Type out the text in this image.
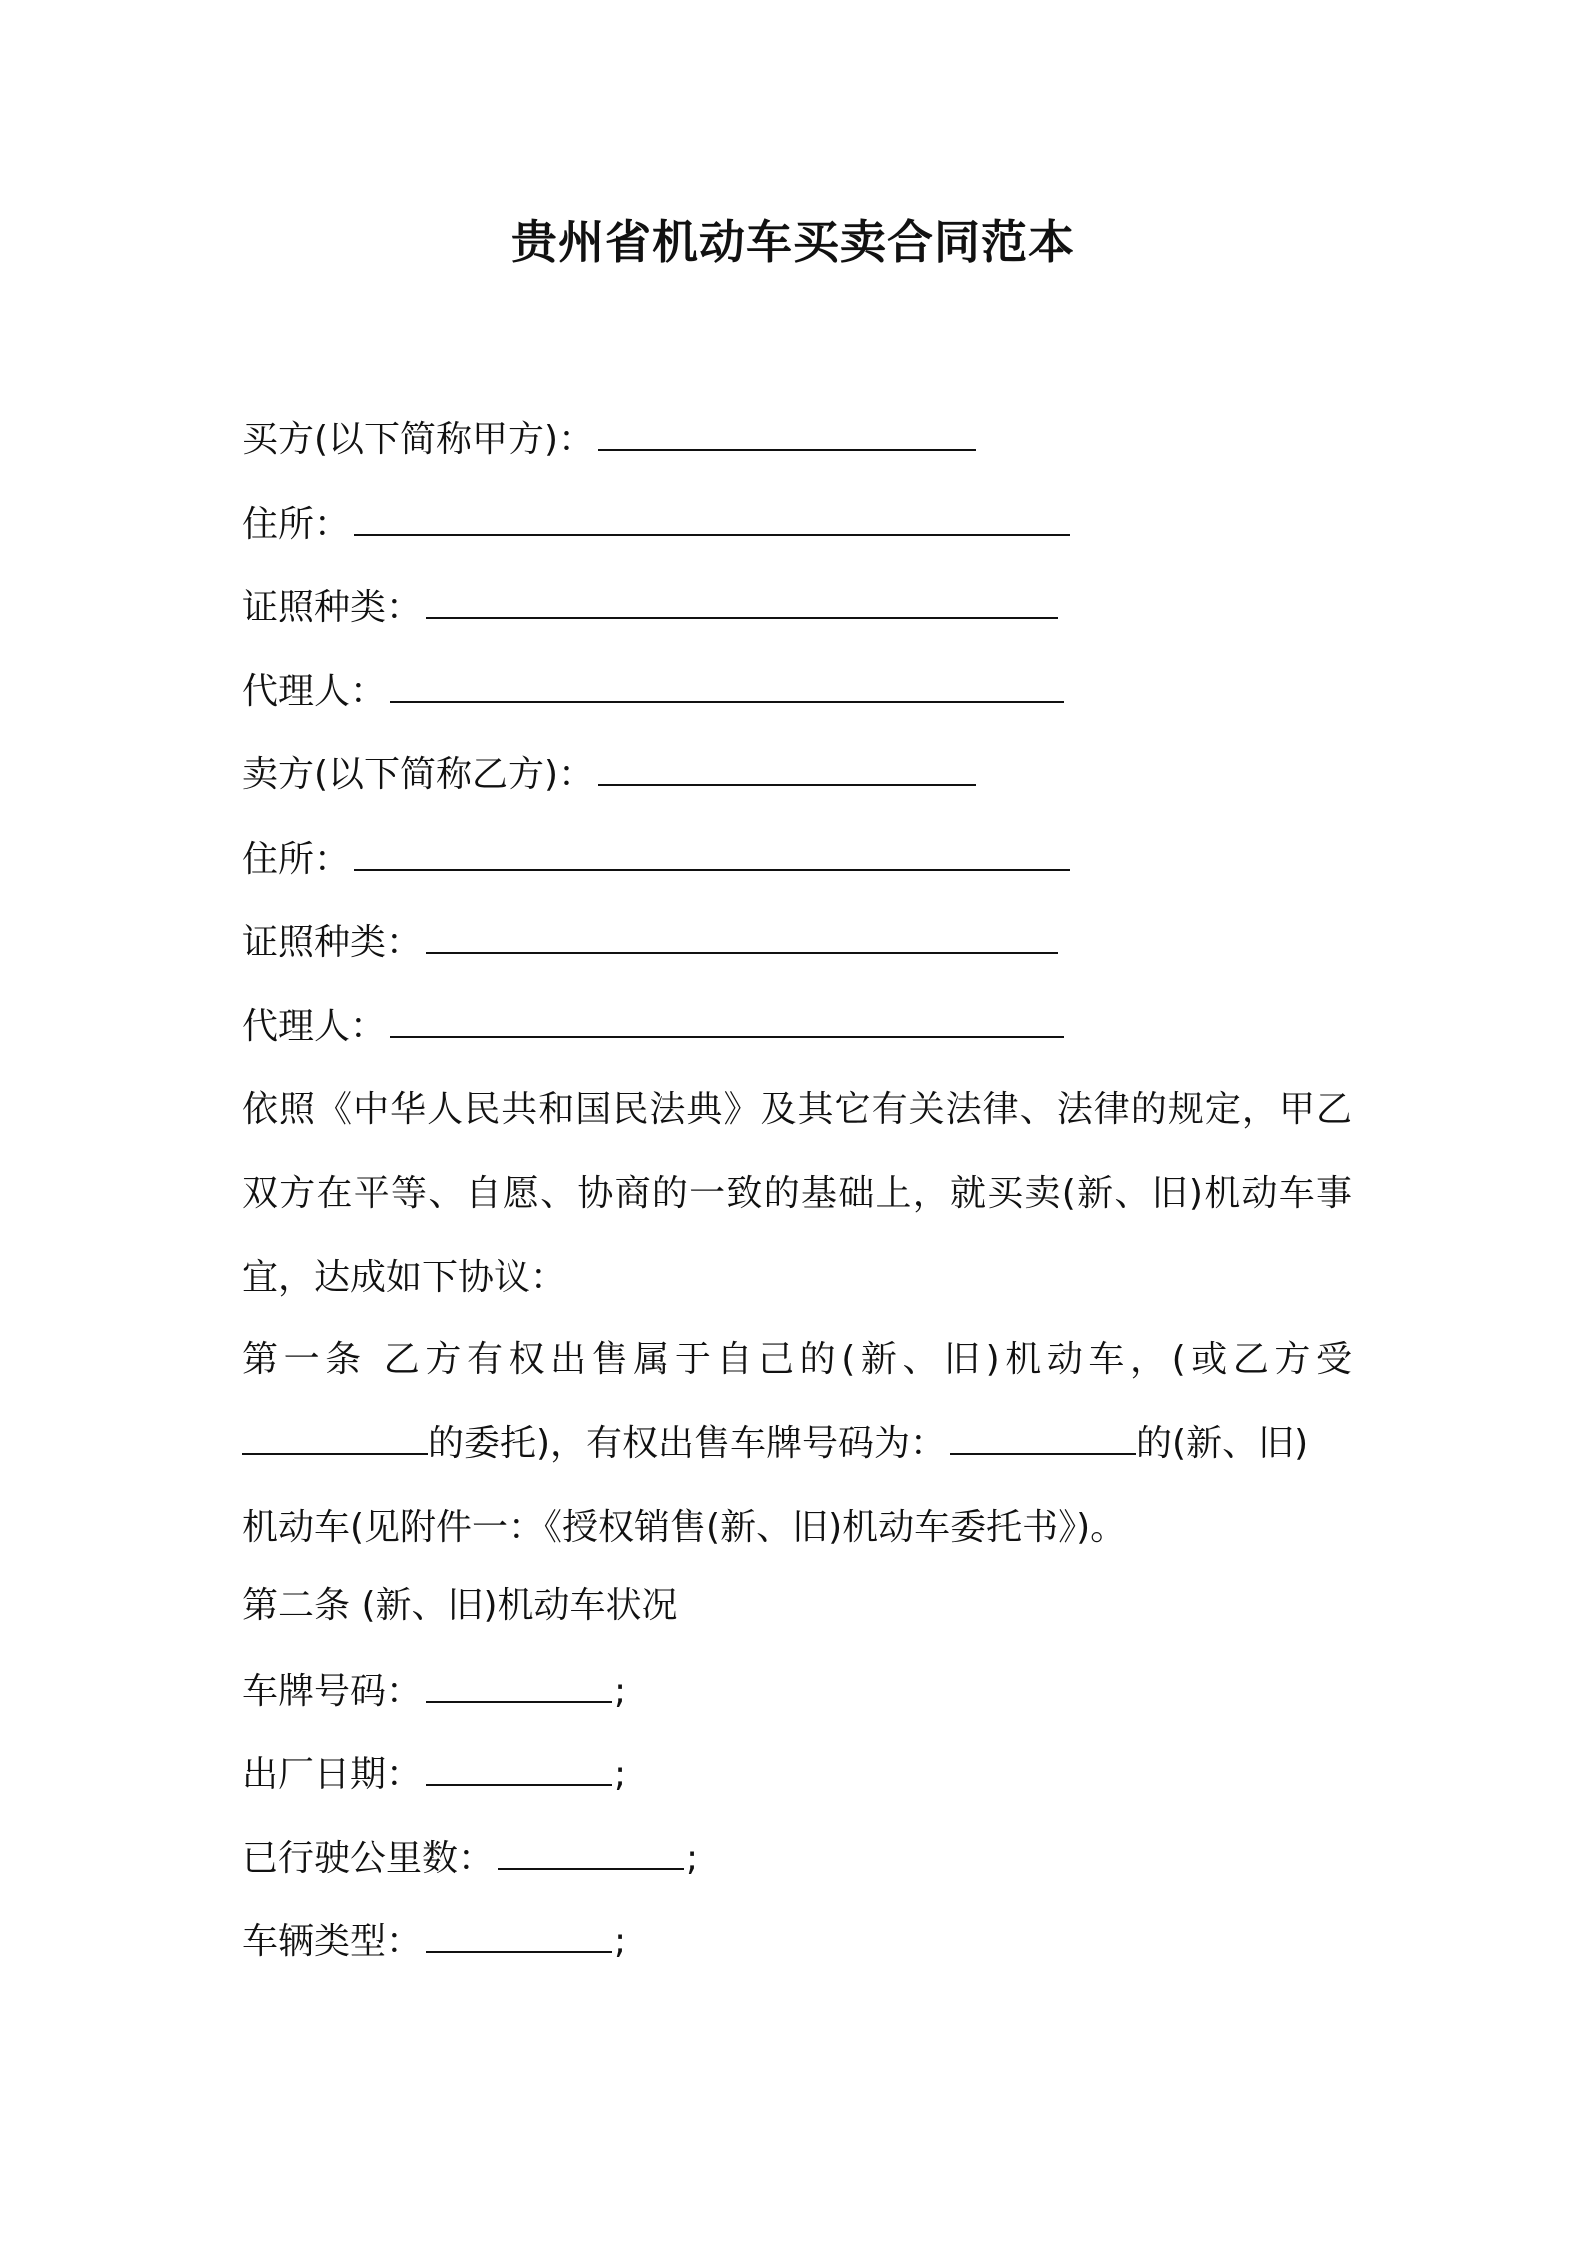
贵州省机动车买卖合同范本
买方(以下简称甲方)：
住所：
证照种类：
代理人：
卖方(以下简称乙方)：
住所：
证照种类：
代理人：
依照《中华人民共和国民法典》及其它有关法律、法律的规定，甲乙
双方在平等、自愿、协商的一致的基础上，就买卖(新、旧)机动车事
宜，达成如下协议：
第一条 乙方有权出售属于自己的(新、旧)机动车，(或乙方受
的委托)，有权出售车牌号码为：	的(新、旧)
机动车(见附件一：《授权销售(新、旧)机动车委托书》)。
第二条 (新、旧)机动车状况
车牌号码：	;
出厂日期：	;
已行驶公里数：	;
车辆类型：	;
